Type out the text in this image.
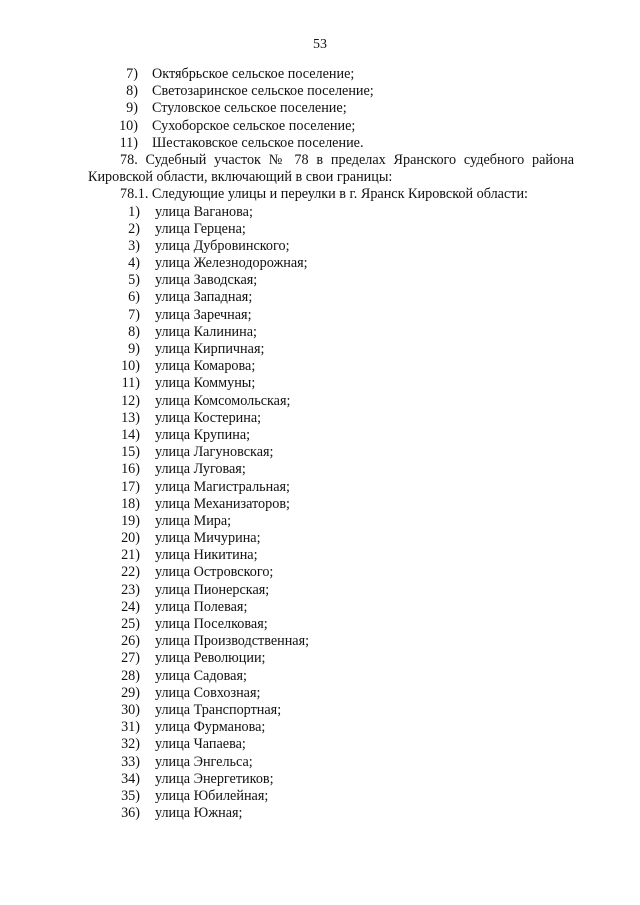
53
7) Октябрьское сельское поселение;
8) Светозаринское сельское поселение;
9) Стуловское сельское поселение;
10) Сухоборское сельское поселение;
11) Шестаковское сельское поселение.
78. Судебный участок № 78 в пределах Яранского судебного района Кировской области, включающий в свои границы:
78.1. Следующие улицы и переулки в г. Яранск Кировской области:
1) улица Ваганова;
2) улица Герцена;
3) улица Дубровинского;
4) улица Железнодорожная;
5) улица Заводская;
6) улица Западная;
7) улица Заречная;
8) улица Калинина;
9) улица Кирпичная;
10) улица Комарова;
11) улица Коммуны;
12) улица Комсомольская;
13) улица Костерина;
14) улица Крупина;
15) улица Лагуновская;
16) улица Луговая;
17) улица Магистральная;
18) улица Механизаторов;
19) улица Мира;
20) улица Мичурина;
21) улица Никитина;
22) улица Островского;
23) улица Пионерская;
24) улица Полевая;
25) улица Поселковая;
26) улица Производственная;
27) улица Революции;
28) улица Садовая;
29) улица Совхозная;
30) улица Транспортная;
31) улица Фурманова;
32) улица Чапаева;
33) улица Энгельса;
34) улица Энергетиков;
35) улица Юбилейная;
36) улица Южная;
